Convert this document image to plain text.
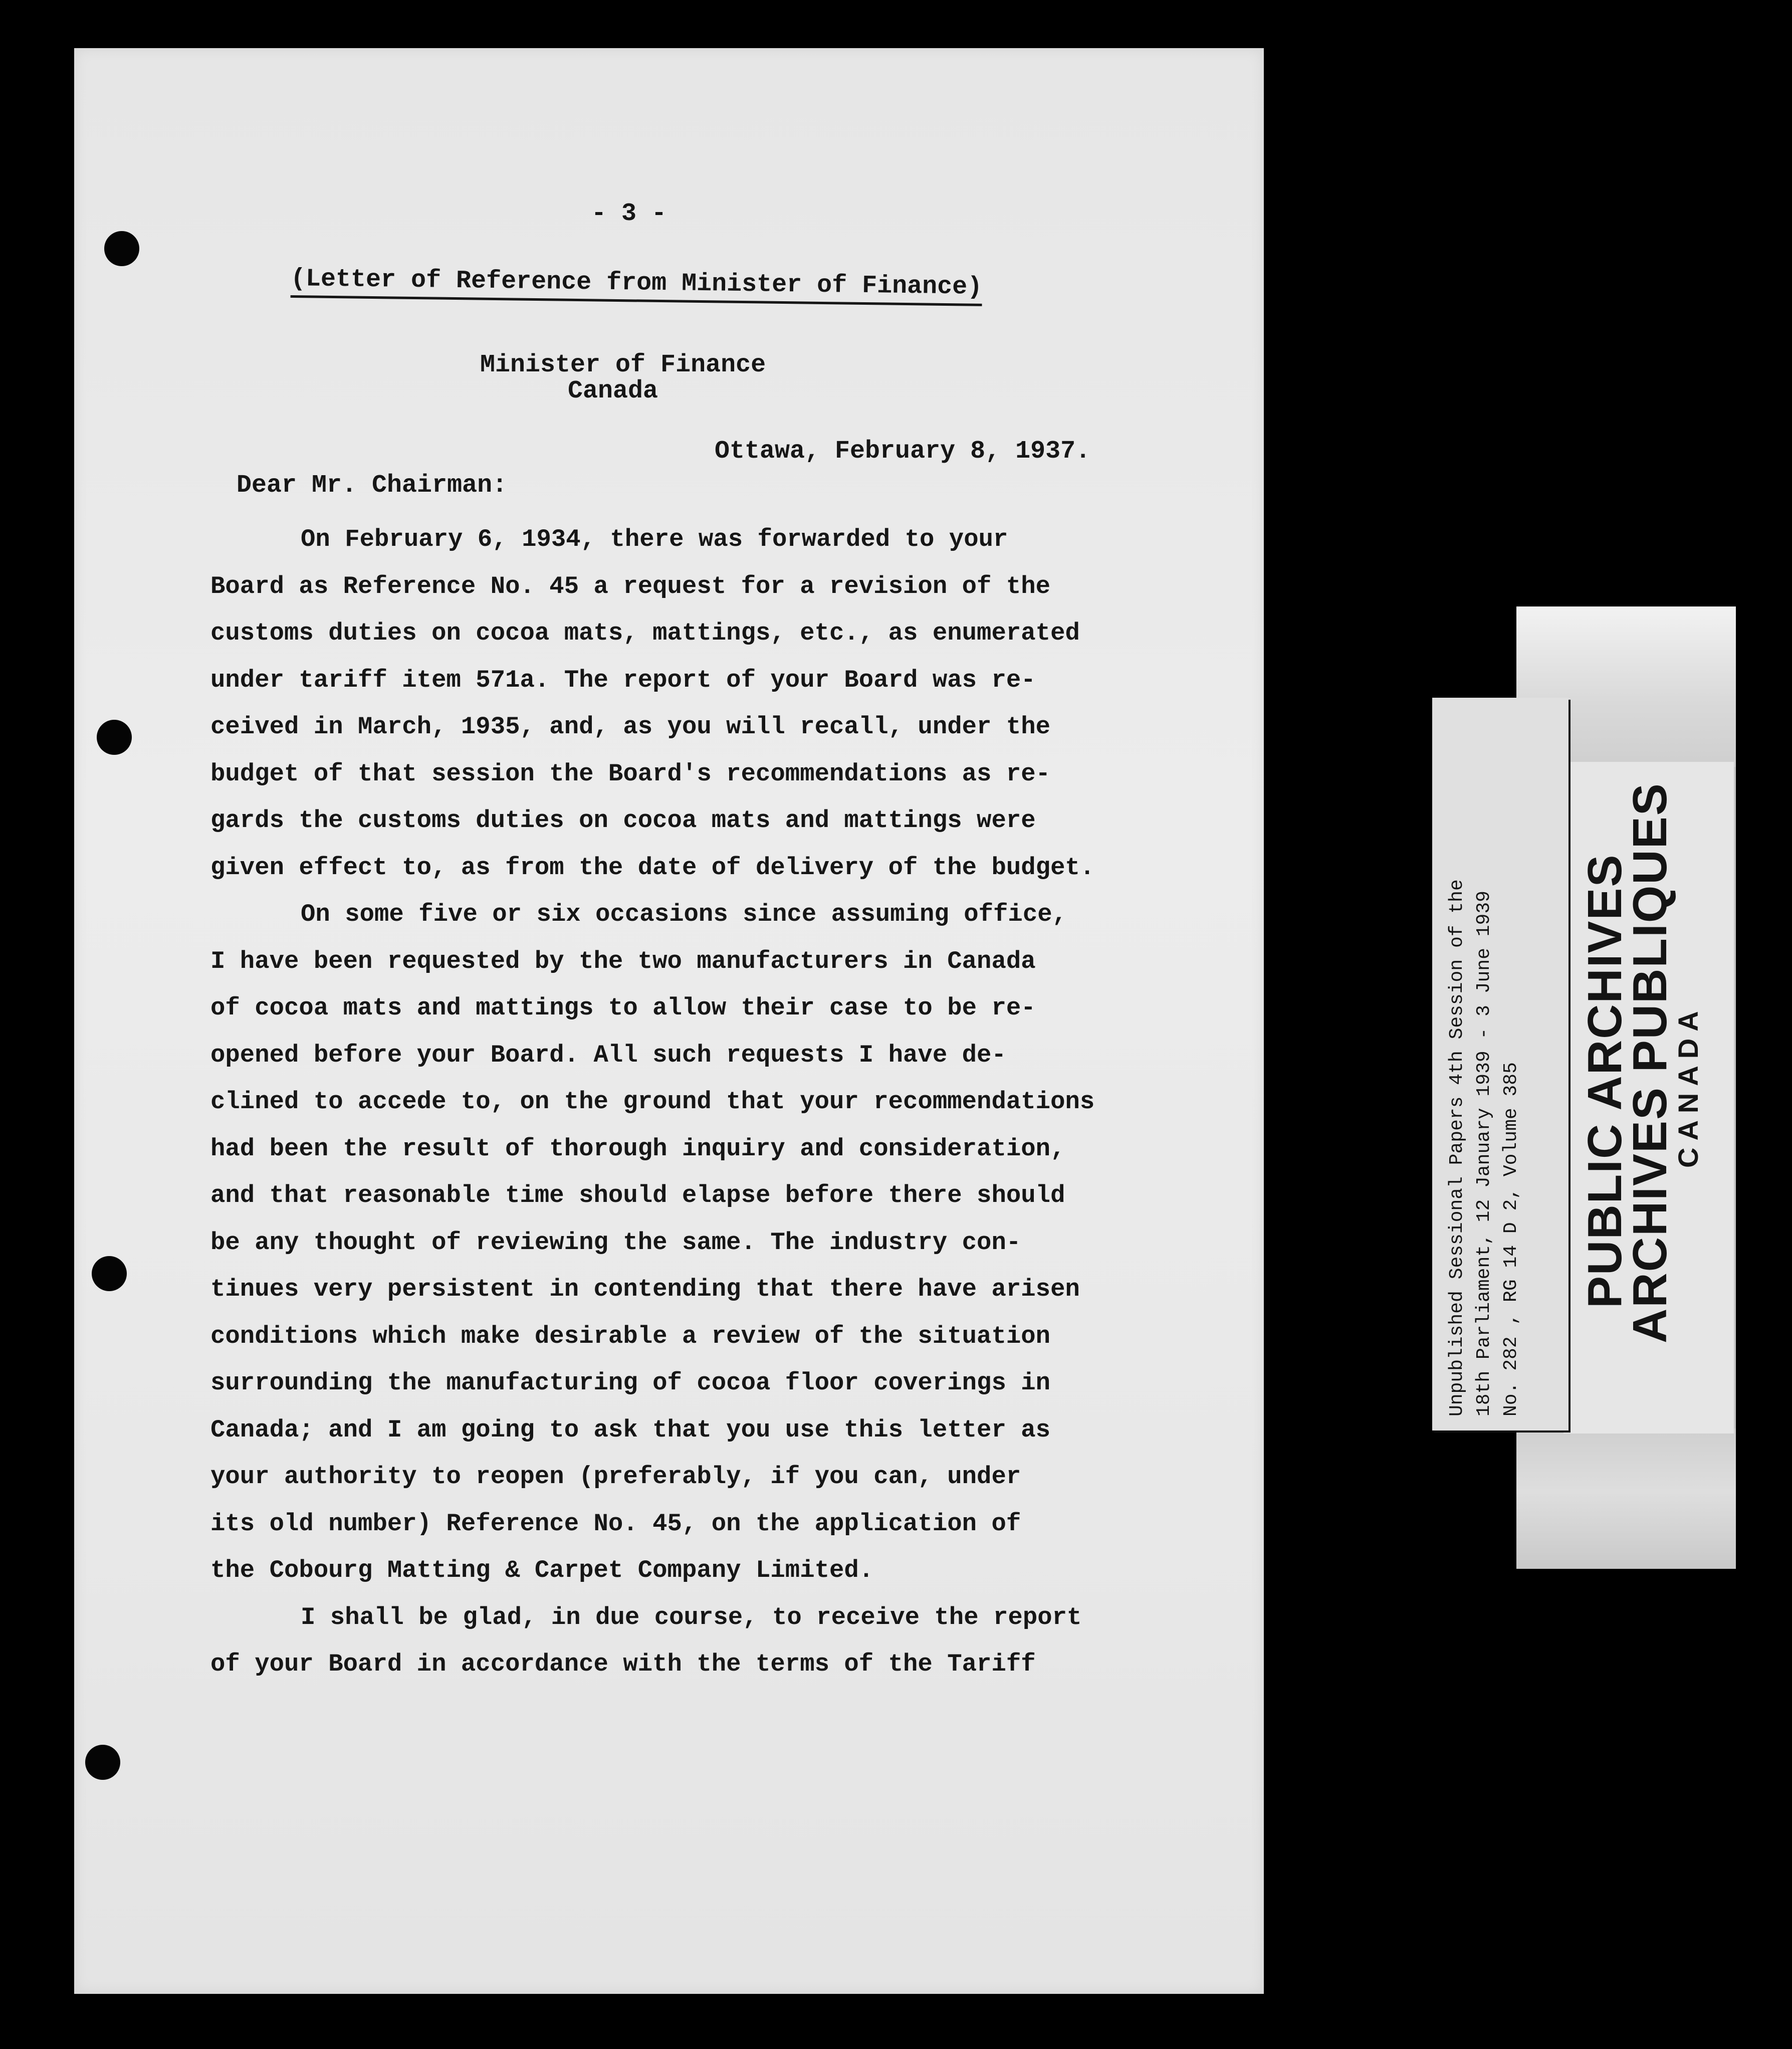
- 3 -

(Letter of Reference from Minister of Finance)

Minister of Finance

Canada

Ottawa, February 8, 1937.

Dear Mr. Chairman:

On February 6, 1934, there was forwarded to your
Board as Reference No. 45 a request for a revision of the
customs duties on cocoa mats, mattings, etc., as enumerated
under tariff item 571a. The report of your Board was re-
ceived in March, 1935, and, as you will recall, under the
budget of that session the Board's recommendations as re-
gards the customs duties on cocoa mats and mattings were
given effect to, as from the date of delivery of the budget.
On some five or six occasions since assuming office,
I have been requested by the two manufacturers in Canada
of cocoa mats and mattings to allow their case to be re-
opened before your Board. All such requests I have de-
clined to accede to, on the ground that your recommendations
had been the result of thorough inquiry and consideration,
and that reasonable time should elapse before there should
be any thought of reviewing the same. The industry con-
tinues very persistent in contending that there have arisen
conditions which make desirable a review of the situation
surrounding the manufacturing of cocoa floor coverings in
Canada; and I am going to ask that you use this letter as
your authority to reopen (preferably, if you can, under
its old number) Reference No. 45, on the application of
the Cobourg Matting & Carpet Company Limited.
I shall be glad, in due course, to receive the report
of your Board in accordance with the terms of the Tariff

Unpublished Sessional Papers 4th Session of the 18th Parliament, 12 January 1939 - 3 June 1939 No. 282 , RG 14 D 2, Volume 385 PUBLIC ARCHIVES

ARCHIVES PUBLIQUES

CANADA
